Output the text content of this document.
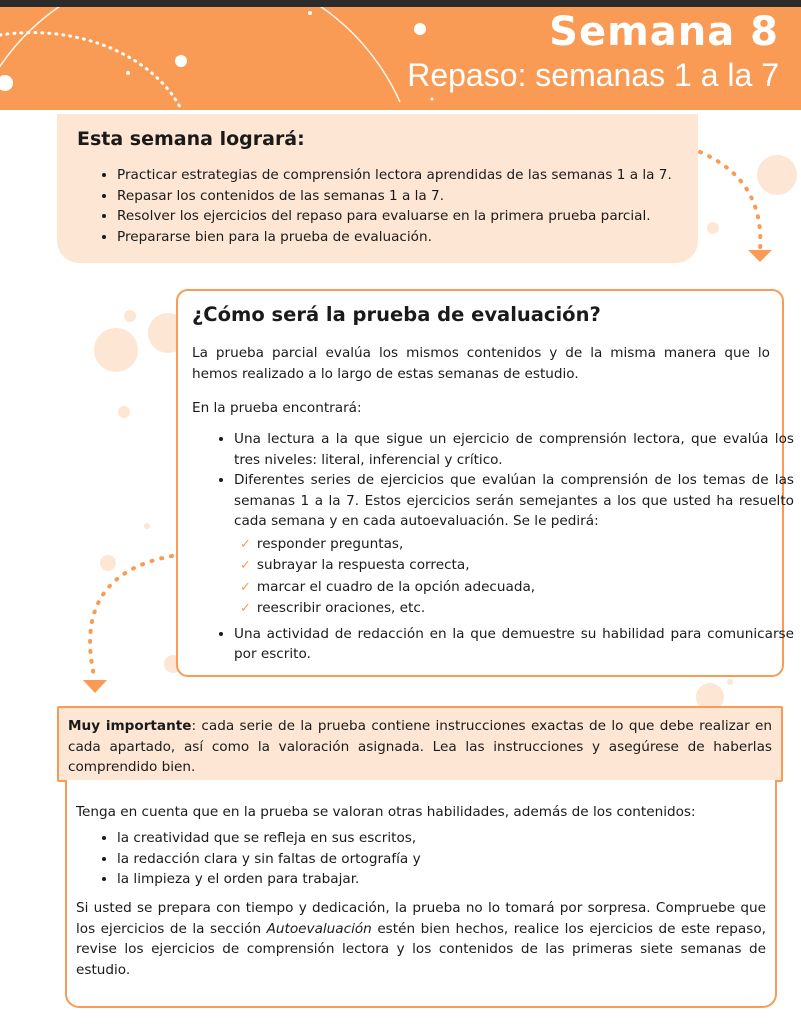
Semana 8
Repaso: semanas 1 a la 7
Esta semana logrará:
• Practicar estrategias de comprensión lectora aprendidas de las semanas 1 a la 7.
• Repasar los contenidos de las semanas 1 a la 7.
• Resolver los ejercicios del repaso para evaluarse en la primera prueba parcial.
• Prepararse bien para la prueba de evaluación.
¿Cómo será la prueba de evaluación?

La prueba parcial evalúa los mismos contenidos y de la misma manera que lo hemos realizado a lo largo de estas semanas de estudio.

En la prueba encontrará:

• Una lectura a la que sigue un ejercicio de comprensión lectora, que evalúa los tres niveles: literal, inferencial y crítico.
• Diferentes series de ejercicios que evalúan la comprensión de los temas de las semanas 1 a la 7. Estos ejercicios serán semejantes a los que usted ha resuelto cada semana y en cada autoevaluación. Se le pedirá:
✓ responder preguntas,
✓ subrayar la respuesta correcta,
✓ marcar el cuadro de la opción adecuada,
✓ reescribir oraciones, etc.
• Una actividad de redacción en la que demuestre su habilidad para comunicarse por escrito.

Muy importante: cada serie de la prueba contiene instrucciones exactas de lo que debe realizar en cada apartado, así como la valoración asignada. Lea las instrucciones y asegúrese de haberlas comprendido bien.

Tenga en cuenta que en la prueba se valoran otras habilidades, además de los contenidos:

• la creatividad que se refleja en sus escritos,
• la redacción clara y sin faltas de ortografía y
• la limpieza y el orden para trabajar.

Si usted se prepara con tiempo y dedicación, la prueba no lo tomará por sorpresa. Compruebe que los ejercicios de la sección Autoevaluación estén bien hechos, realice los ejercicios de este repaso, revise los ejercicios de comprensión lectora y los contenidos de las primeras siete semanas de estudio.
